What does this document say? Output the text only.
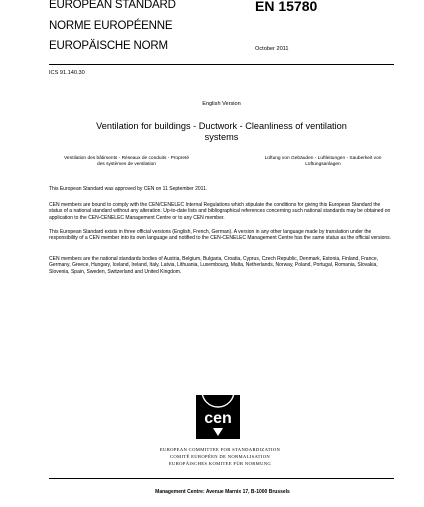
EUROPEAN STANDARD
NORME EUROPÉENNE
EUROPÄISCHE NORM
EN 15780
October 2011
ICS 91.140.30
English Version
Ventilation for buildings - Ductwork - Cleanliness of ventilation
systems
Ventilation des bâtiments - Réseaux de conduits - Propreté
des systèmes de ventilation
Lüftung von Gebäuden - Luftleitungen - Sauberkeit von
Lüftungsanlagen
This European Standard was approved by CEN on 11 September 2011.
CEN members are bound to comply with the CEN/CENELEC Internal Regulations which stipulate the conditions for giving this European Standard the status of a national standard without any alteration. Up-to-date lists and bibliographical references concerning such national standards may be obtained on application to the CEN-CENELEC Management Centre or to any CEN member.
This European Standard exists in three official versions (English, French, German). A version in any other language made by translation under the responsibility of a CEN member into its own language and notified to the CEN-CENELEC Management Centre has the same status as the official versions.
CEN members are the national standards bodies of Austria, Belgium, Bulgaria, Croatia, Cyprus, Czech Republic, Denmark, Estonia, Finland, France, Germany, Greece, Hungary, Iceland, Ireland, Italy, Latvia, Lithuania, Luxembourg, Malta, Netherlands, Norway, Poland, Portugal, Romania, Slovakia, Slovenia, Spain, Sweden, Switzerland and United Kingdom.
cen
EUROPEAN COMMITTEE FOR STANDARDIZATION
COMITÉ EUROPÉEN DE NORMALISATION
EUROPÄISCHES KOMITEE FÜR NORMUNG
Management Centre: Avenue Marnix 17, B-1000 Brussels
